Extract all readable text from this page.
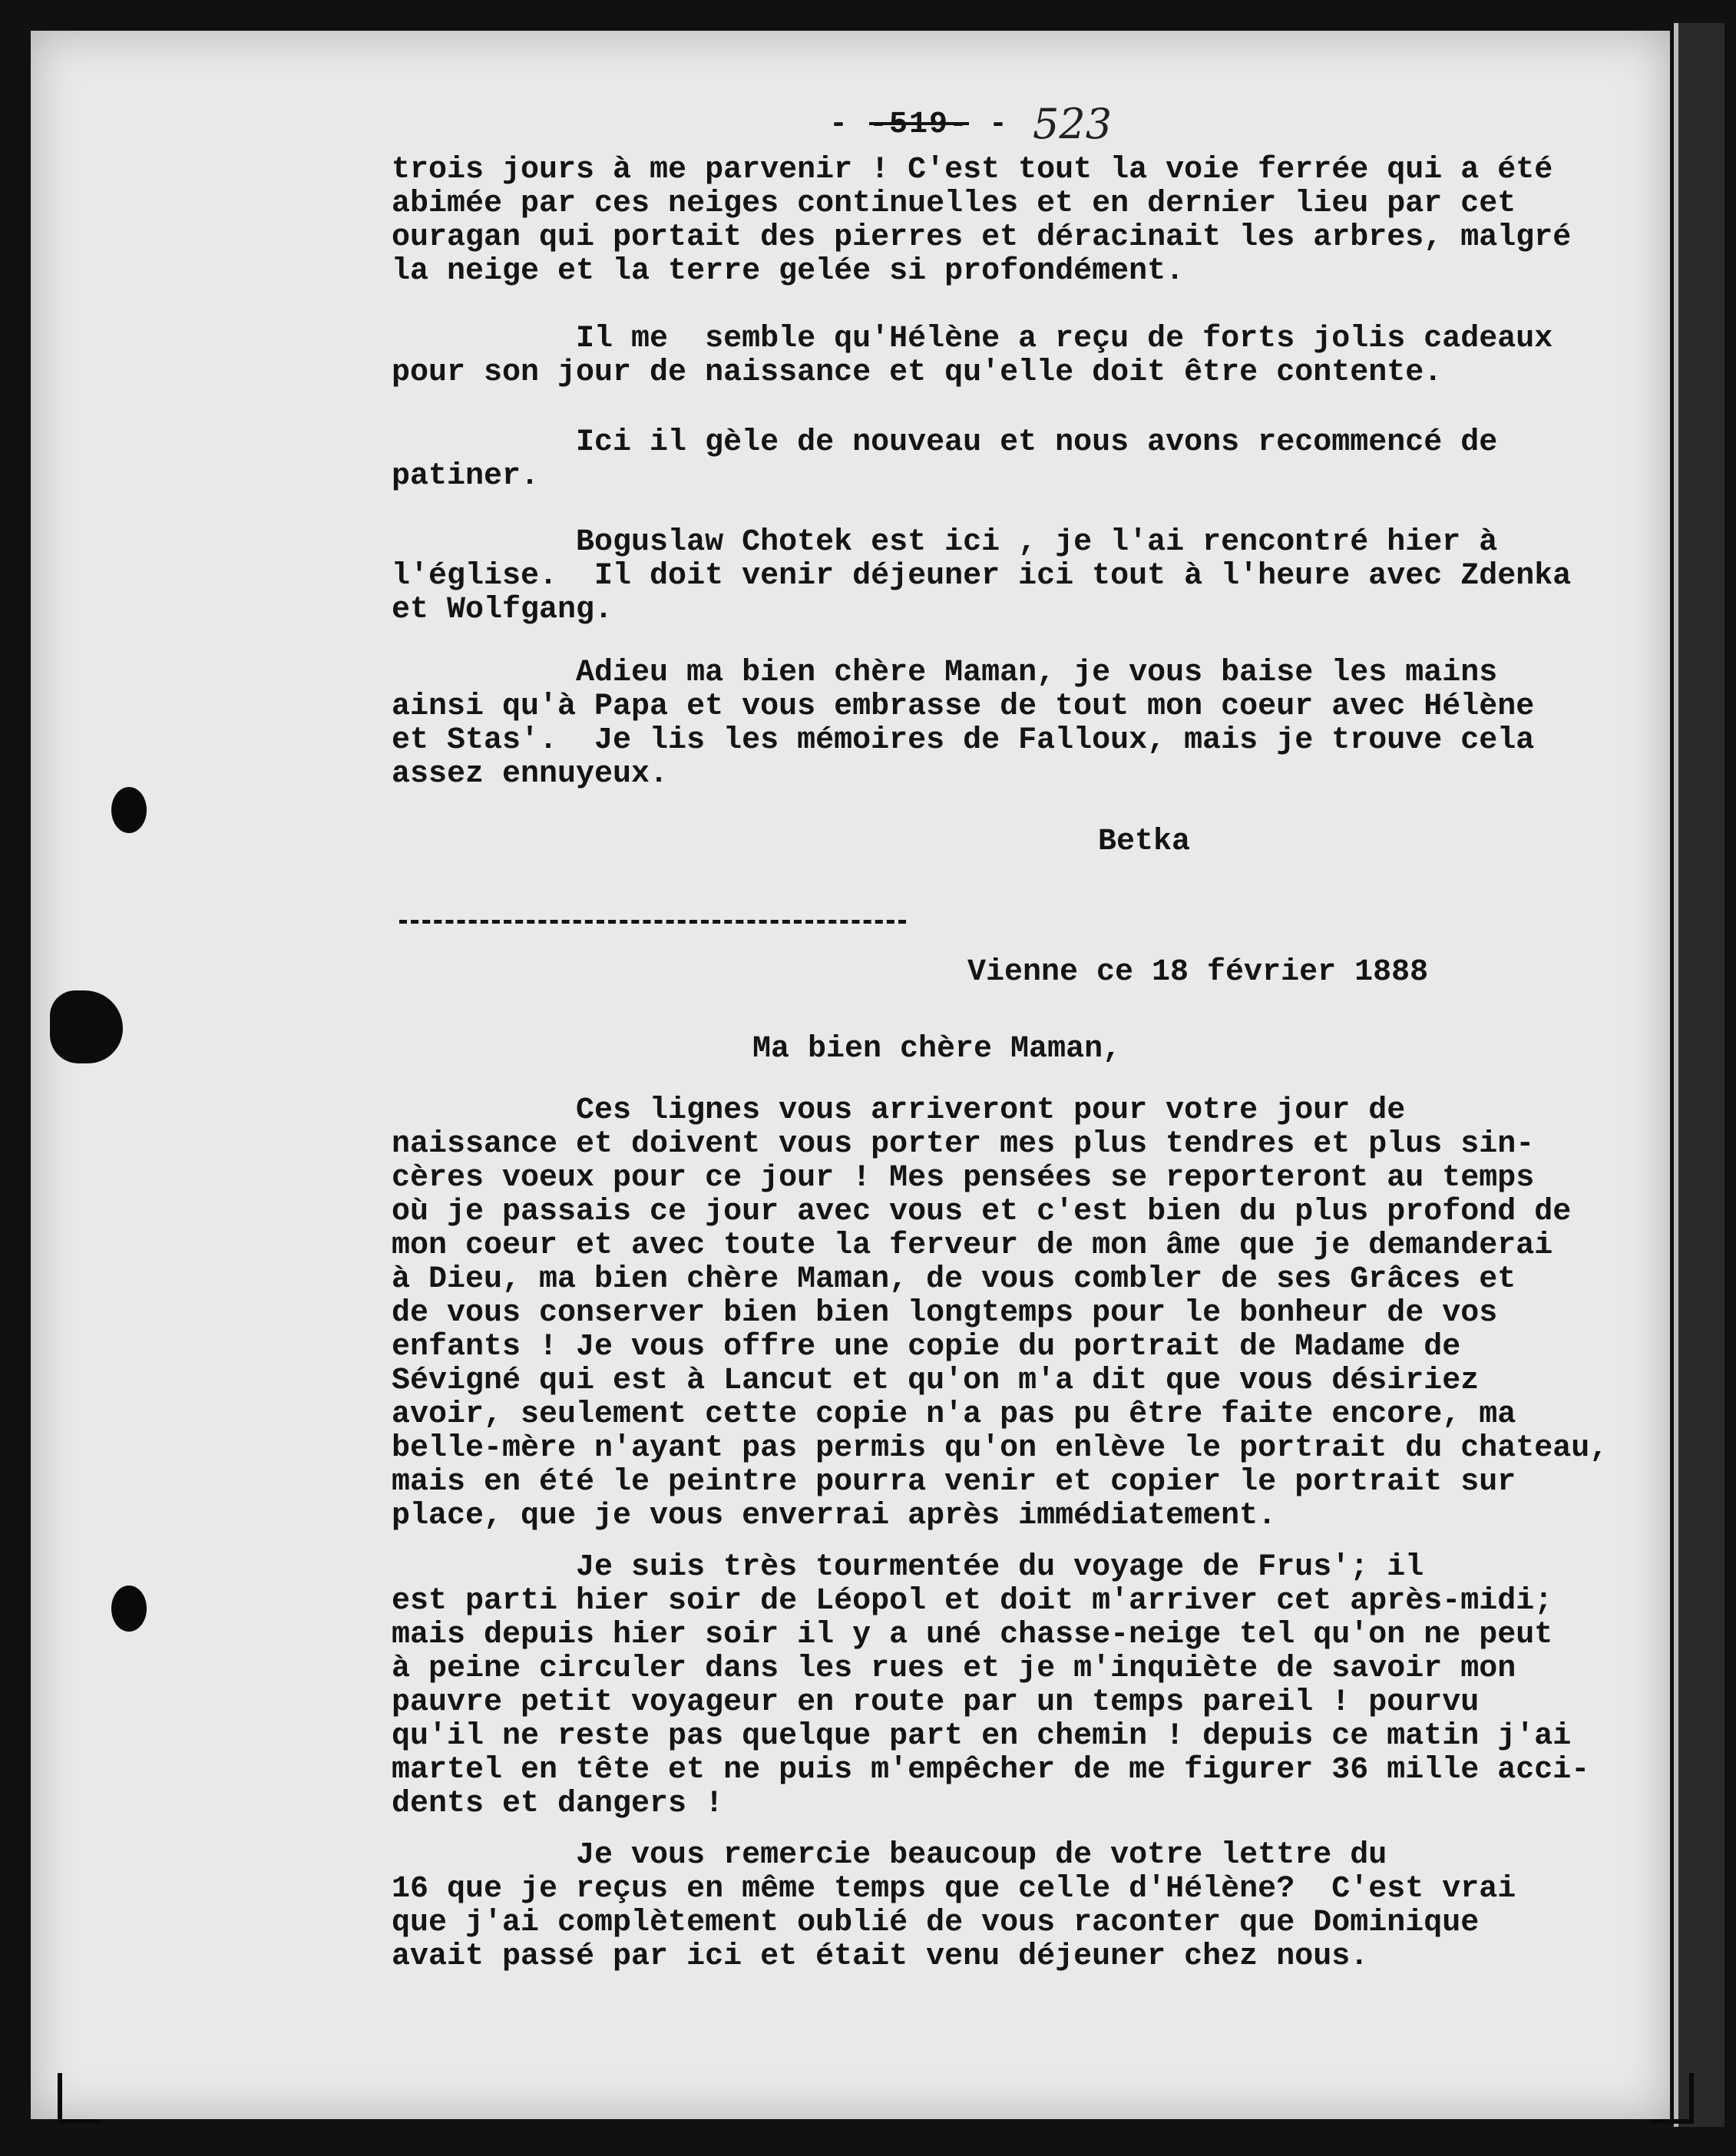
- -519- - 523

trois jours à me parvenir ! C'est tout la voie ferrée qui a été
abimée par ces neiges continuelles et en dernier lieu par cet
ouragan qui portait des pierres et déracinait les arbres, malgré
la neige et la terre gelée si profondément.

Il me  semble qu'Hélène a reçu de forts jolis cadeaux
pour son jour de naissance et qu'elle doit être contente.

Ici il gèle de nouveau et nous avons recommencé de
patiner.

Boguslaw Chotek est ici , je l'ai rencontré hier à
l'église.  Il doit venir déjeuner ici tout à l'heure avec Zdenka
et Wolfgang.

Adieu ma bien chère Maman, je vous baise les mains
ainsi qu'à Papa et vous embrasse de tout mon coeur avec Hélène
et Stas'.  Je lis les mémoires de Falloux, mais je trouve cela
assez ennuyeux.

Betka

Vienne ce 18 février 1888

Ma bien chère Maman,

Ces lignes vous arriveront pour votre jour de
naissance et doivent vous porter mes plus tendres et plus sin-
cères voeux pour ce jour ! Mes pensées se reporteront au temps
où je passais ce jour avec vous et c'est bien du plus profond de
mon coeur et avec toute la ferveur de mon âme que je demanderai
à Dieu, ma bien chère Maman, de vous combler de ses Grâces et
de vous conserver bien bien longtemps pour le bonheur de vos
enfants ! Je vous offre une copie du portrait de Madame de
Sévigné qui est à Lancut et qu'on m'a dit que vous désiriez
avoir, seulement cette copie n'a pas pu être faite encore, ma
belle-mère n'ayant pas permis qu'on enlève le portrait du chateau,
mais en été le peintre pourra venir et copier le portrait sur
place, que je vous enverrai après immédiatement.

Je suis très tourmentée du voyage de Frus'; il
est parti hier soir de Léopol et doit m'arriver cet après-midi;
mais depuis hier soir il y a uné chasse-neige tel qu'on ne peut
à peine circuler dans les rues et je m'inquiète de savoir mon
pauvre petit voyageur en route par un temps pareil ! pourvu
qu'il ne reste pas quelque part en chemin ! depuis ce matin j'ai
martel en tête et ne puis m'empêcher de me figurer 36 mille acci-
dents et dangers !

Je vous remercie beaucoup de votre lettre du
16 que je reçus en même temps que celle d'Hélène?  C'est vrai
que j'ai complètement oublié de vous raconter que Dominique
avait passé par ici et était venu déjeuner chez nous.
